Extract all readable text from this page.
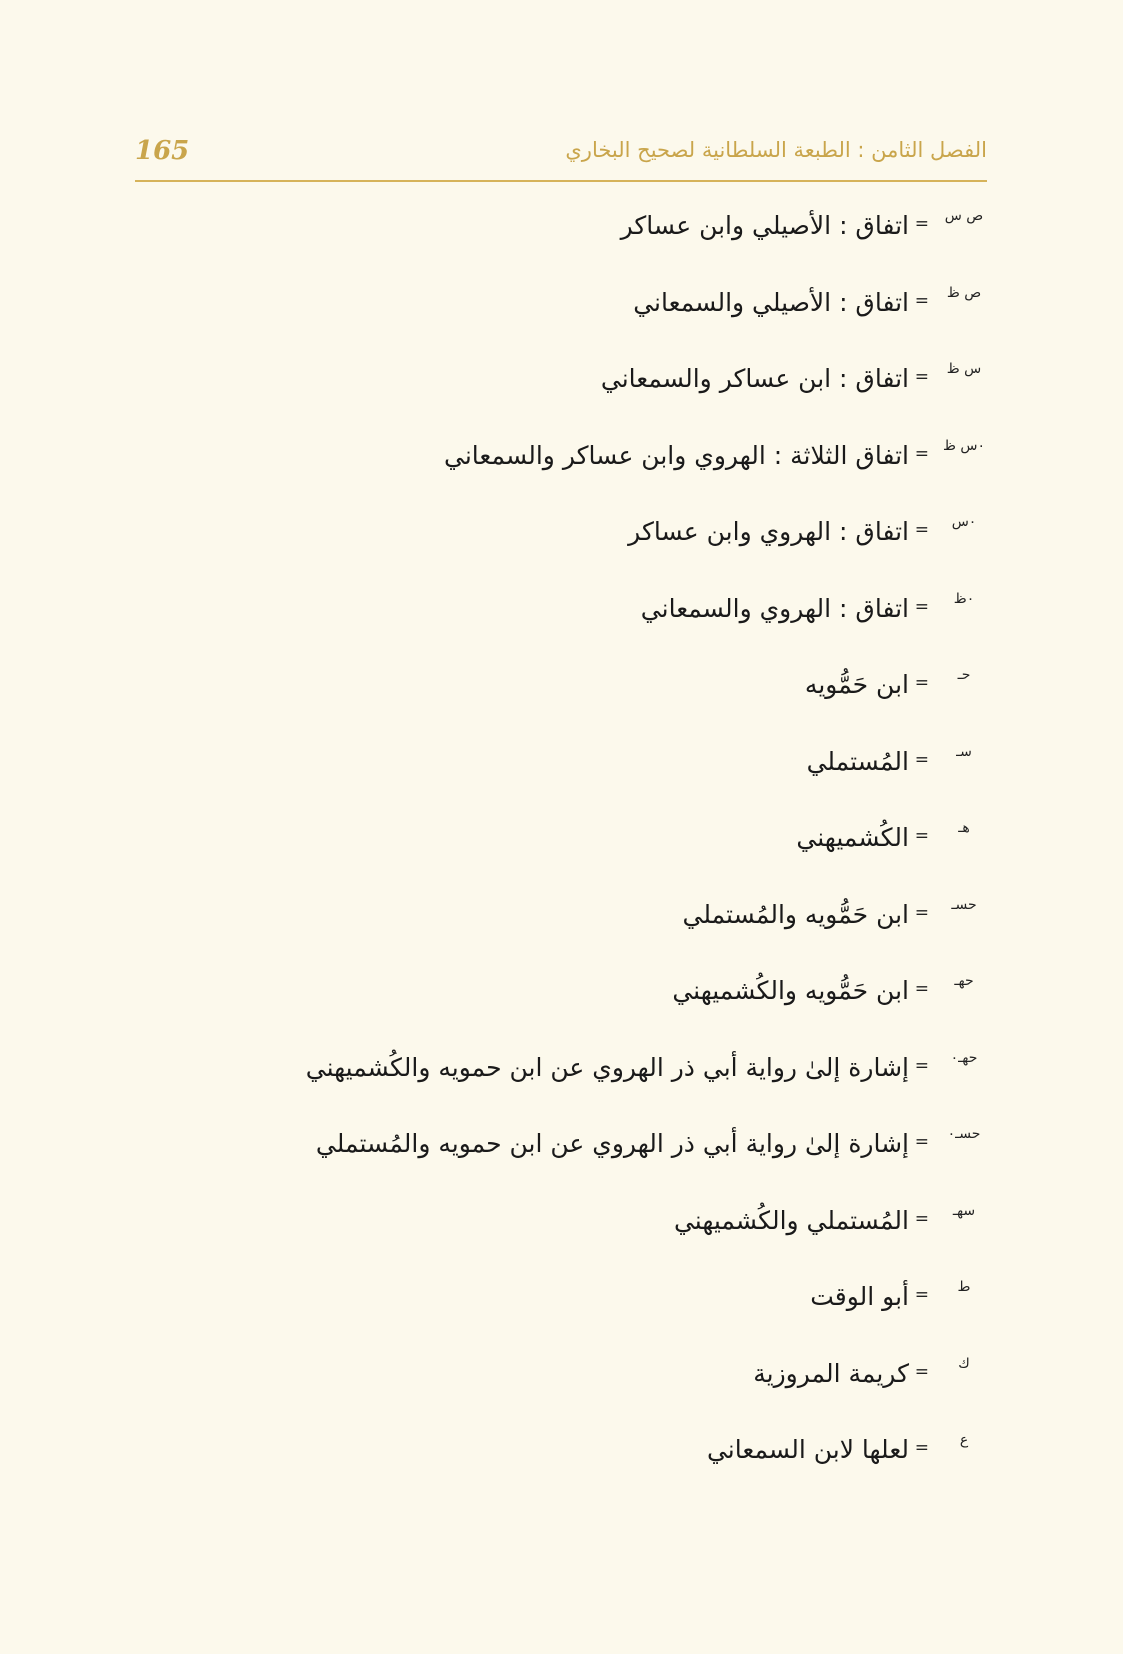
165	الفصل الثامن : الطبعة السلطانية لصحيح البخاري
ص س
=
اتفاق : الأصيلي وابن عساكر
ص ظ
=
اتفاق : الأصيلي والسمعاني
س ظ
=
اتفاق : ابن عساكر والسمعاني
٠س ظ
=
اتفاق الثلاثة : الهروي وابن عساكر والسمعاني
٠س
=
اتفاق : الهروي وابن عساكر
٠ظ
=
اتفاق : الهروي والسمعاني
حـ
=
ابن حَمُّويه
سـ
=
المُستملي
هـ
=
الكُشميهني
حسـ
=
ابن حَمُّويه والمُستملي
حهـ
=
ابن حَمُّويه والكُشميهني
حهـ٠
=
إشارة إلىٰ رواية أبي ذر الهروي عن ابن حمويه والكُشميهني
حسـ٠
=
إشارة إلىٰ رواية أبي ذر الهروي عن ابن حمويه والمُستملي
سهـ
=
المُستملي والكُشميهني
ط
=
أبو الوقت
ك
=
كريمة المروزية
ع
=
لعلها لابن السمعاني
